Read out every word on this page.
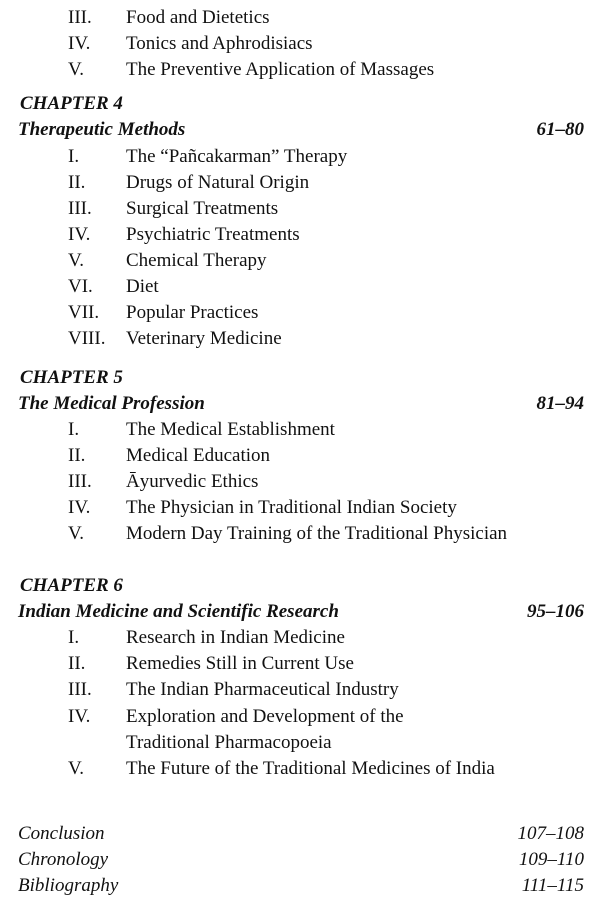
III.	Food and Dietetics
IV.	Tonics and Aphrodisiacs
V.	The Preventive Application of Massages
CHAPTER 4
Therapeutic Methods	61–80
I.	The “Pañcakarman” Therapy
II.	Drugs of Natural Origin
III.	Surgical Treatments
IV.	Psychiatric Treatments
V.	Chemical Therapy
VI.	Diet
VII.	Popular Practices
VIII.	Veterinary Medicine
CHAPTER 5
The Medical Profession	81–94
I.	The Medical Establishment
II.	Medical Education
III.	Āyurvedic Ethics
IV.	The Physician in Traditional Indian Society
V.	Modern Day Training of the Traditional Physician
CHAPTER 6
Indian Medicine and Scientific Research	95–106
I.	Research in Indian Medicine
II.	Remedies Still in Current Use
III.	The Indian Pharmaceutical Industry
IV.	Exploration and Development of the
Traditional Pharmacopoeia
V.	The Future of the Traditional Medicines of India
Conclusion	107–108
Chronology	109–110
Bibliography	111–115
